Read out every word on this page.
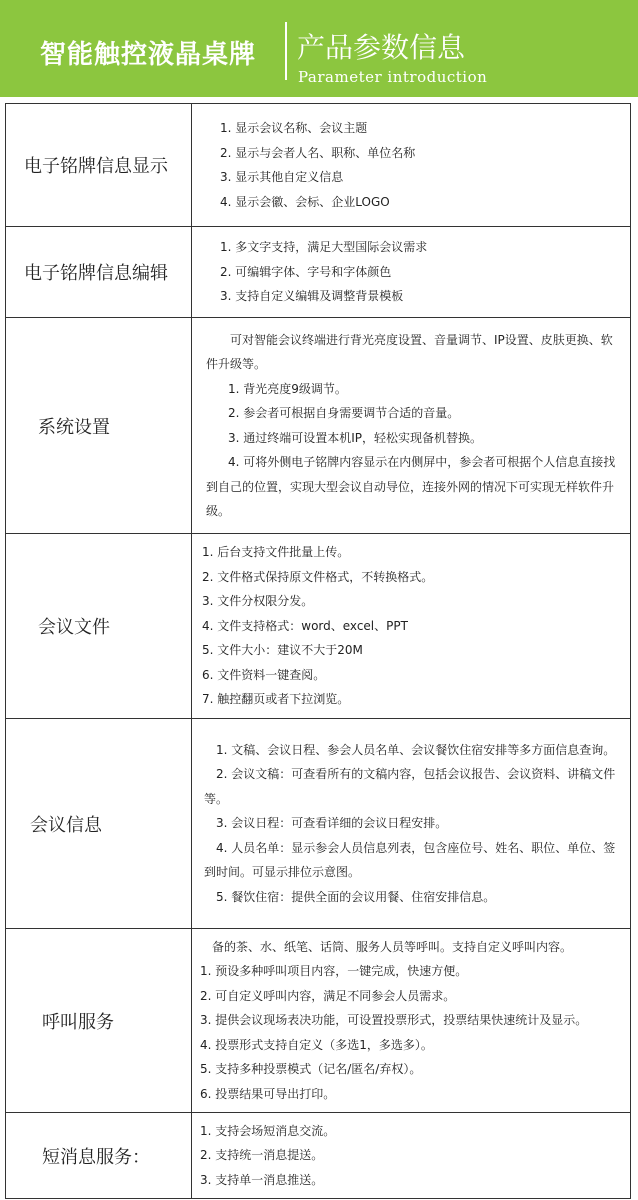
智能触控液晶桌牌 产品参数信息
Parameter introduction
电子铭牌信息显示
1. 显示会议名称、会议主题
2. 显示与会者人名、职称、单位名称
3. 显示其他自定义信息
4. 显示会徽、会标、企业LOGO
电子铭牌信息编辑
1. 多文字支持，满足大型国际会议需求
2. 可编辑字体、字号和字体颜色
3. 支持自定义编辑及调整背景模板
系统设置
可对智能会议终端进行背光亮度设置、音量调节、IP设置、皮肤更换、软件升级等。
1. 背光亮度9级调节。
2. 参会者可根据自身需要调节合适的音量。
3. 通过终端可设置本机IP，轻松实现备机替换。
4. 可将外侧电子铭牌内容显示在内侧屏中，参会者可根据个人信息直接找到自己的位置，实现大型会议自动导位，连接外网的情况下可实现无样软件升级。
会议文件
1. 后台支持文件批量上传。
2. 文件格式保持原文件格式，不转换格式。
3. 文件分权限分发。
4. 文件支持格式：word、excel、PPT
5. 文件大小：建议不大于20M
6. 文件资料一键查阅。
7. 触控翻页或者下拉浏览。
会议信息
1. 文稿、会议日程、参会人员名单、会议餐饮住宿安排等多方面信息查询。
2. 会议文稿：可查看所有的文稿内容，包括会议报告、会议资料、讲稿文件等。
3. 会议日程：可查看详细的会议日程安排。
4. 人员名单：显示参会人员信息列表，包含座位号、姓名、职位、单位、签到时间。可显示排位示意图。
5. 餐饮住宿：提供全面的会议用餐、住宿安排信息。
呼叫服务
备的茶、水、纸笔、话筒、服务人员等呼叫。支持自定义呼叫内容。
1. 预设多种呼叫项目内容，一键完成，快速方便。
2. 可自定义呼叫内容，满足不同参会人员需求。
3. 提供会议现场表决功能，可设置投票形式，投票结果快速统计及显示。
4. 投票形式支持自定义（多选1，多选多）。
5. 支持多种投票模式（记名/匿名/弃权）。
6. 投票结果可导出打印。
短消息服务：
1. 支持会场短消息交流。
2. 支持统一消息提送。
3. 支持单一消息推送。
